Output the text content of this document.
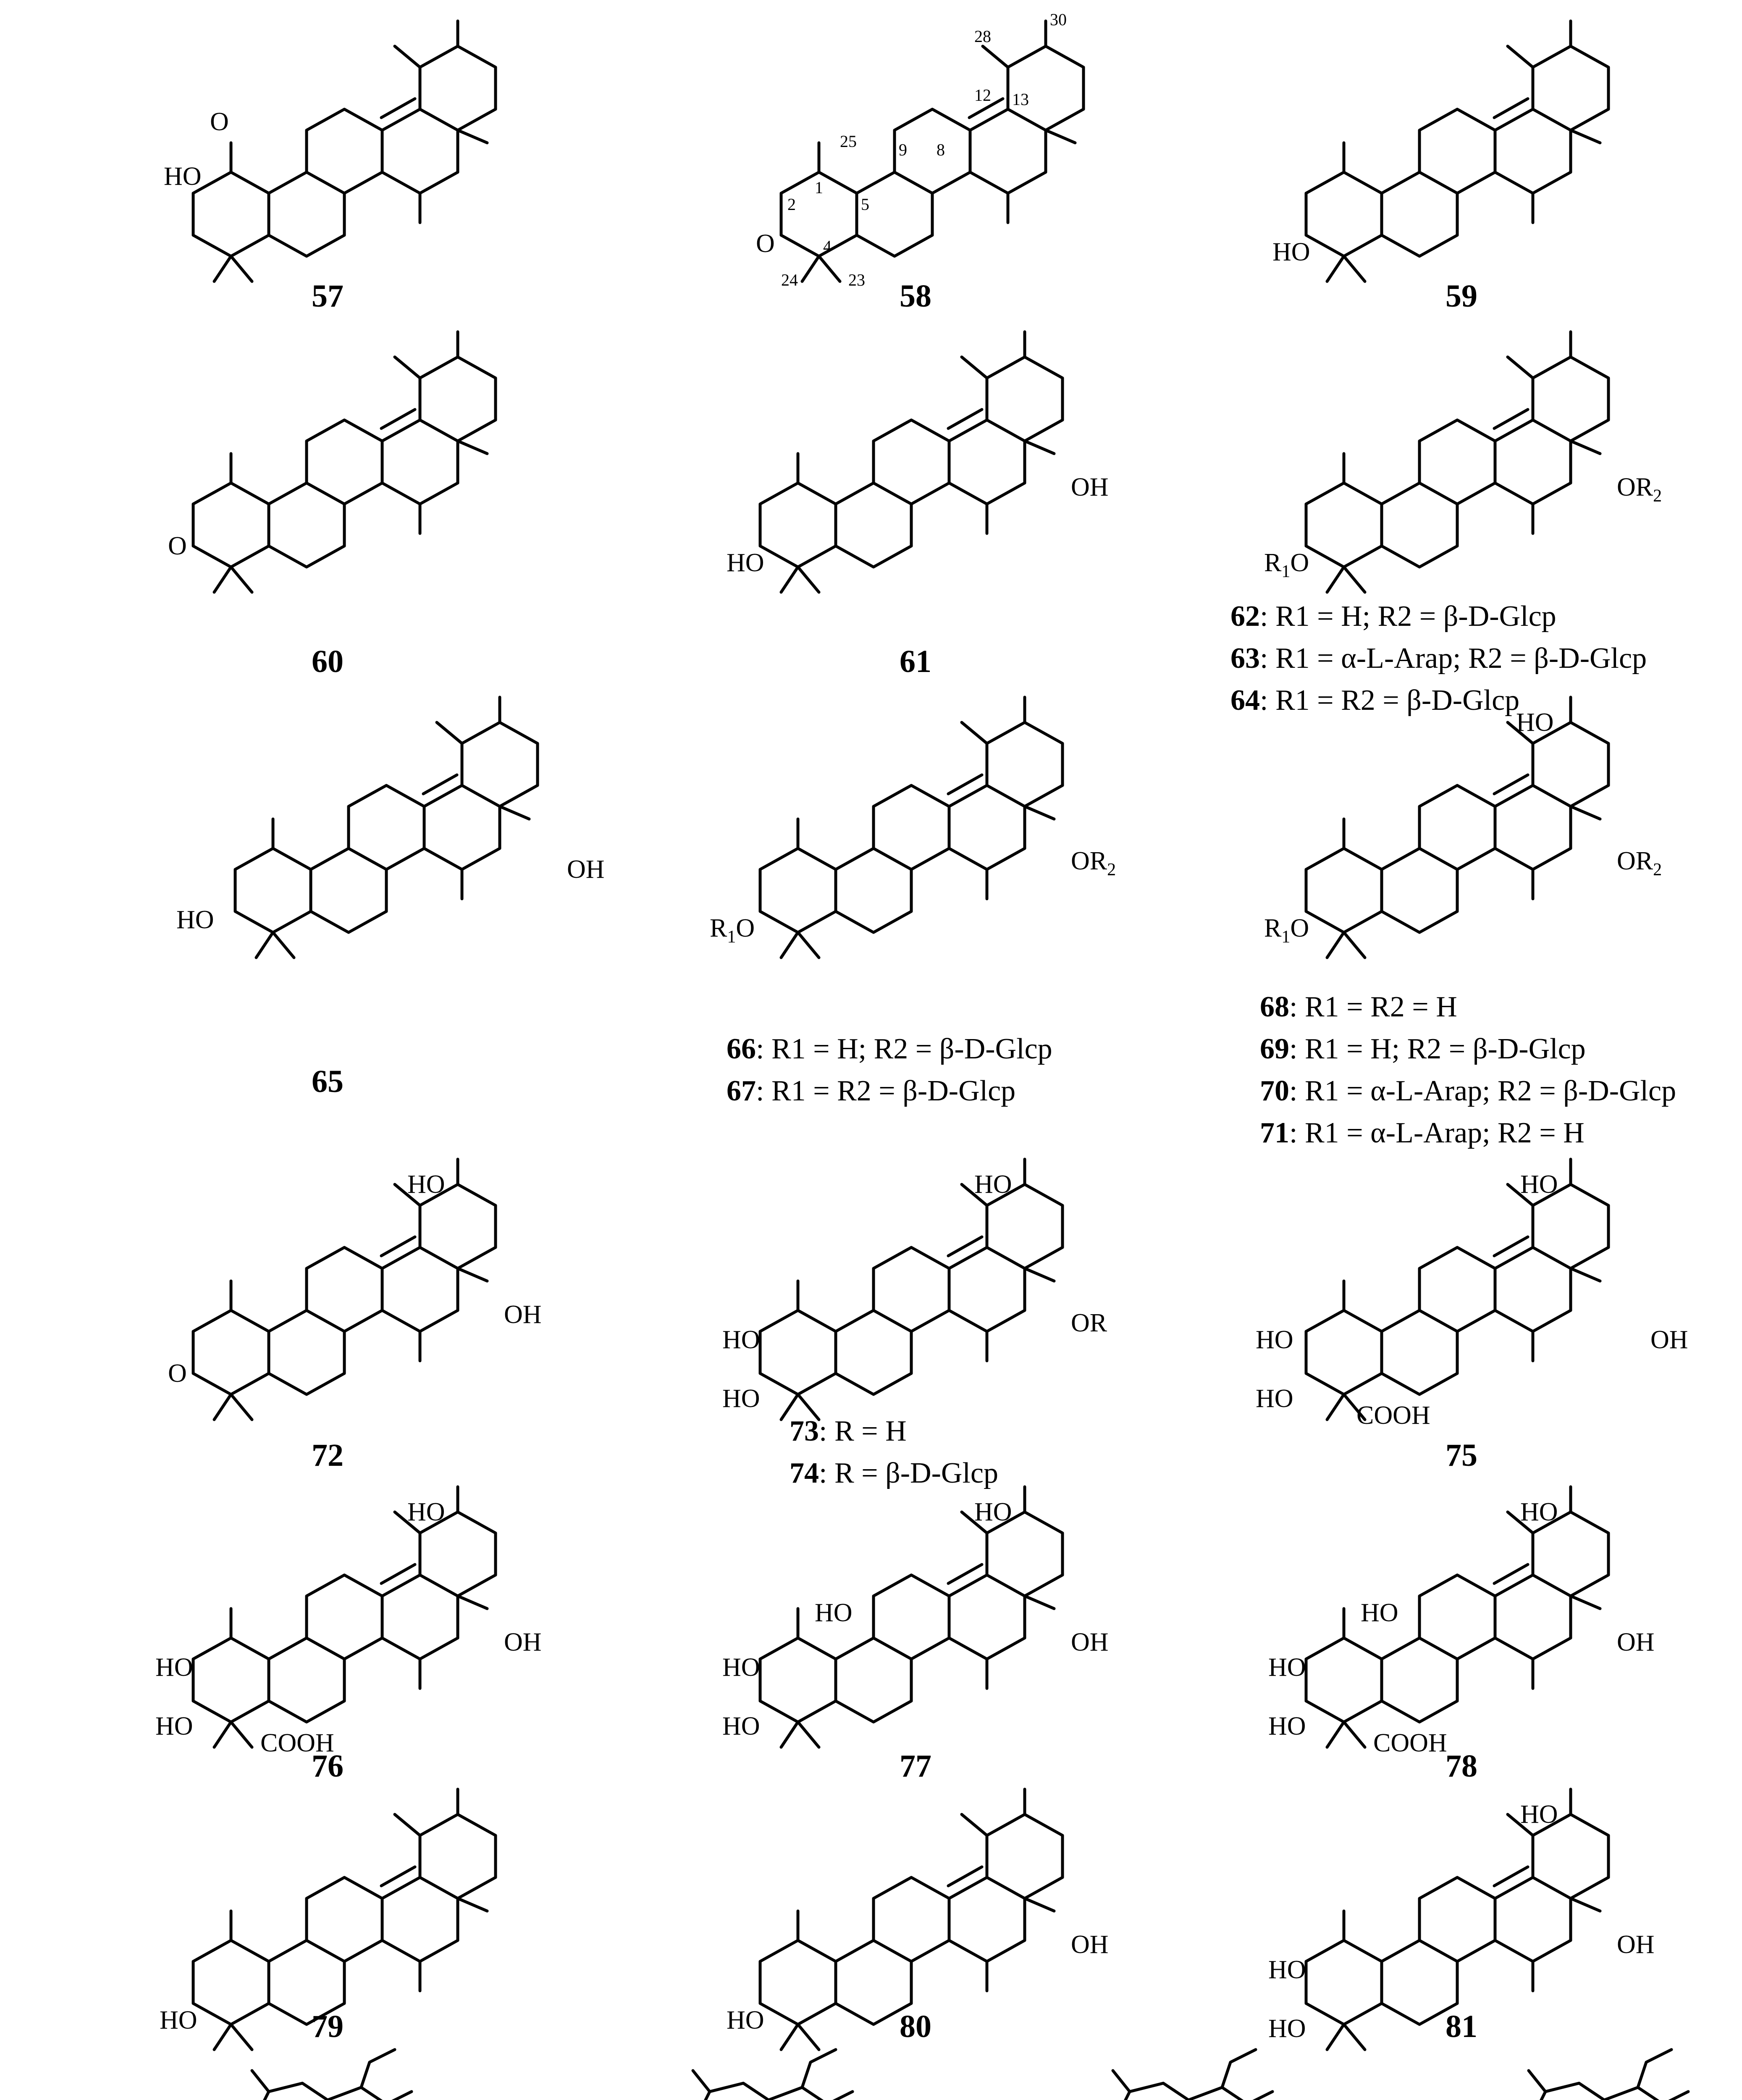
HO
O
57
O
1
2
4
5
8
9
12 13
25
24	23
28
30
58
HO
59
O
60
HO
OH
61
$R_1O$
$OR_2$
HO
OH
65
$R_1O$
$OR_2$
HO
$R_1O$
$OR_2$
HO
O
OH
72
HO
HO
HO
OR
HO
HO
HO
COOH
OH
75
HO
HO
HO
COOH
OH
76
HO
HO
HO
HO
OH
77
HO
HO
HO
HO
COOH
OH
78
HO	79	HO
OH
80
HO
HO
HO
OH
81
62: R1 = H; R2 = β-D-Glcp
63: R1 = α-L-Arap; R2 = β-D-Glcp
64: R1 = R2 = β-D-Glcp
66: R1 = H; R2 = β-D-Glcp
67: R1 = R2 = β-D-Glcp
68: R1 = R2 = H
69: R1 = H; R2 = β-D-Glcp
70: R1 = α-L-Arap; R2 = β-D-Glcp
71: R1 = α-L-Arap; R2 = H
73: R = H
74: R = β-D-Glcp
